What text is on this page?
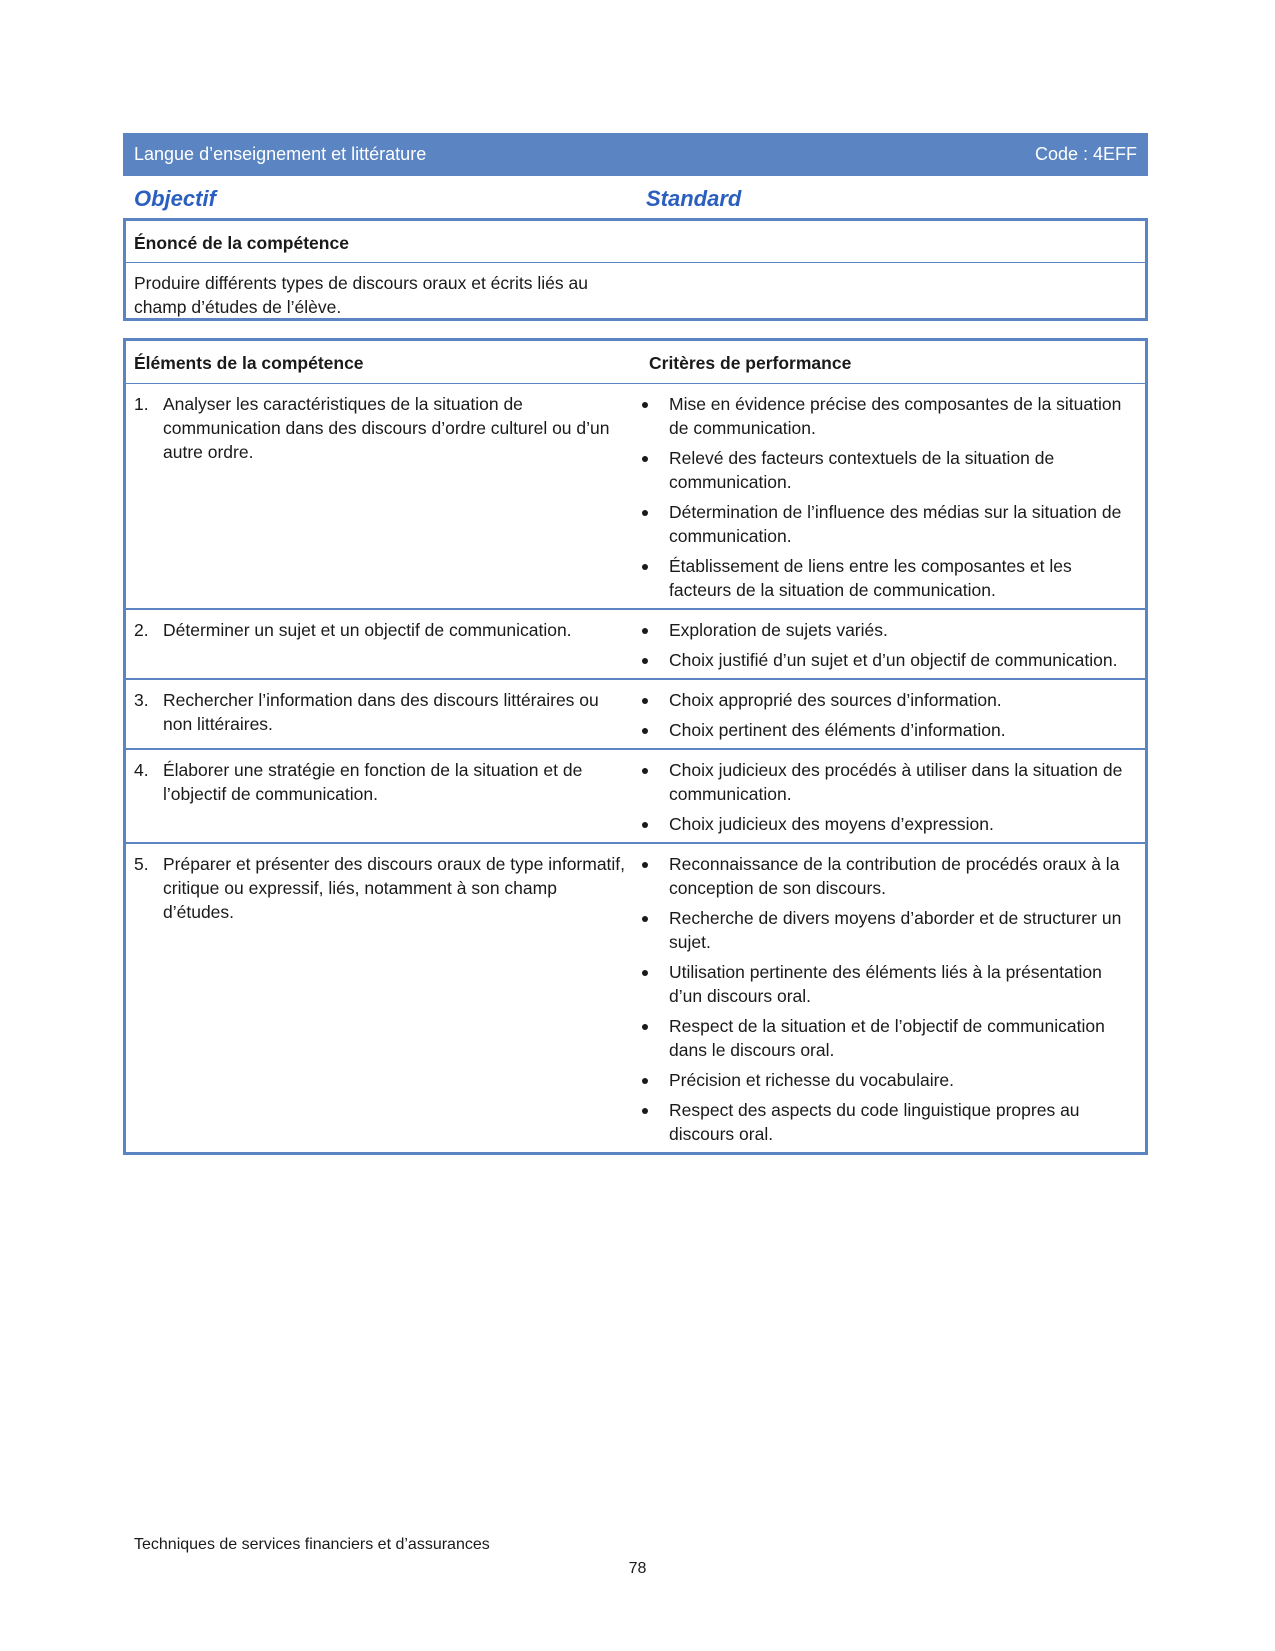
Langue d’enseignement et littérature	Code : 4EFF
Objectif	Standard
Énoncé de la compétence
Produire différents types de discours oraux et écrits liés au champ d’études de l’élève.
Éléments de la compétence	Critères de performance
1. Analyser les caractéristiques de la situation de communication dans des discours d’ordre culturel ou d’un autre ordre.
Mise en évidence précise des composantes de la situation de communication.
Relevé des facteurs contextuels de la situation de communication.
Détermination de l’influence des médias sur la situation de communication.
Établissement de liens entre les composantes et les facteurs de la situation de communication.
2. Déterminer un sujet et un objectif de communication.	Exploration de sujets variés.
Choix justifié d’un sujet et d’un objectif de communication.
3. Rechercher l’information dans des discours littéraires ou non littéraires.
Choix approprié des sources d’information.
Choix pertinent des éléments d’information.
4. Élaborer une stratégie en fonction de la situation et de l’objectif de communication.
Choix judicieux des procédés à utiliser dans la situation de communication.
Choix judicieux des moyens d’expression.
5. Préparer et présenter des discours oraux de type informatif, critique ou expressif, liés, notamment à son champ d’études.
Reconnaissance de la contribution de procédés oraux à la conception de son discours.
Recherche de divers moyens d’aborder et de structurer un sujet.
Utilisation pertinente des éléments liés à la présentation d’un discours oral.
Respect de la situation et de l’objectif de communication dans le discours oral.
Précision et richesse du vocabulaire.
Respect des aspects du code linguistique propres au discours oral.
Techniques de services financiers et d’assurances
78
